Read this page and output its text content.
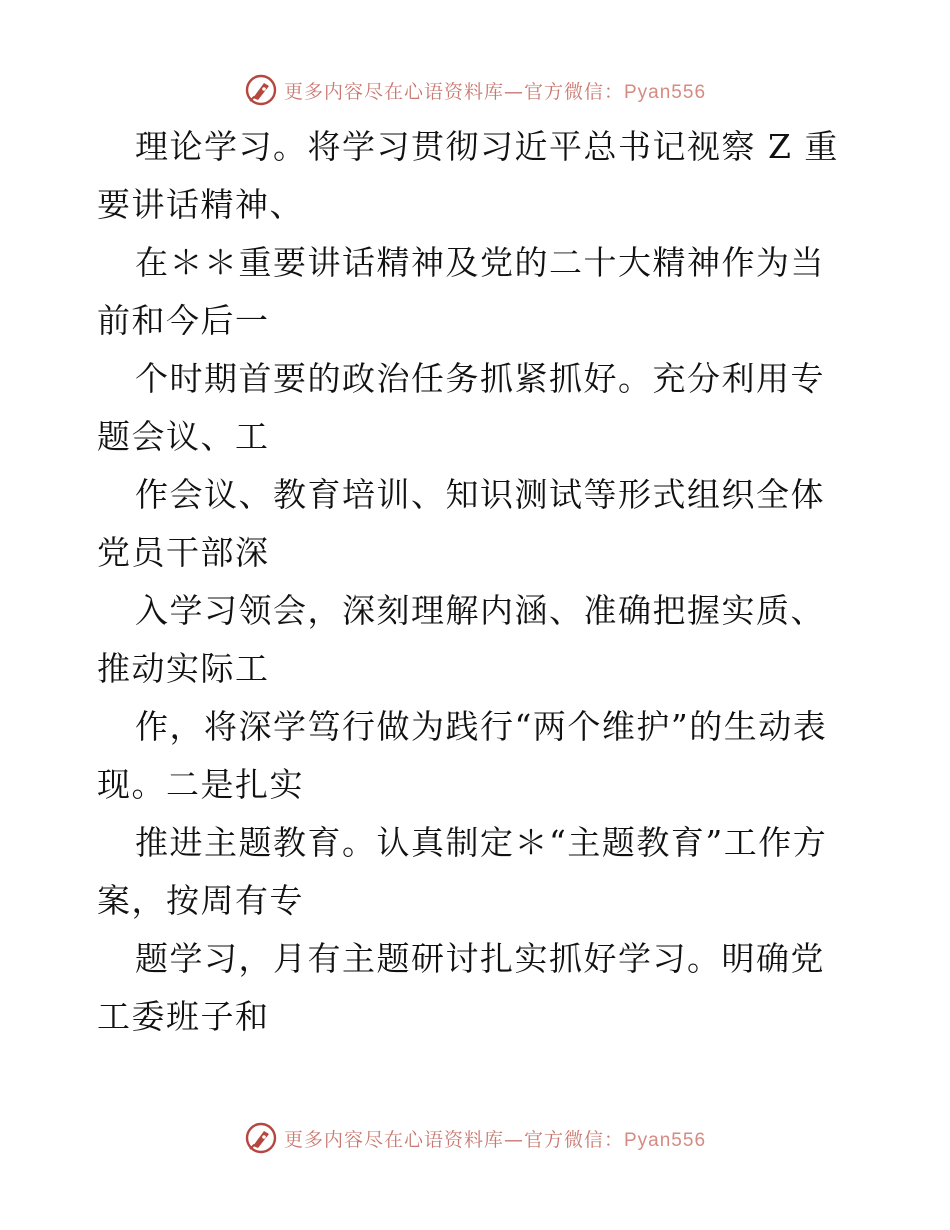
更多内容尽在心语资料库—官方微信：Pyan556

理论学习。将学习贯彻习近平总书记视察 Z 重要讲话精神、

在＊＊重要讲话精神及党的二十大精神作为当前和今后一

个时期首要的政治任务抓紧抓好。充分利用专题会议、工

作会议、教育培训、知识测试等形式组织全体党员干部深

入学习领会，深刻理解内涵、准确把握实质、推动实际工

作，将深学笃行做为践行“两个维护”的生动表现。二是扎实

推进主题教育。认真制定＊“主题教育”工作方案，按周有专

题学习，月有主题研讨扎实抓好学习。明确党工委班子和

更多内容尽在心语资料库—官方微信：Pyan556
